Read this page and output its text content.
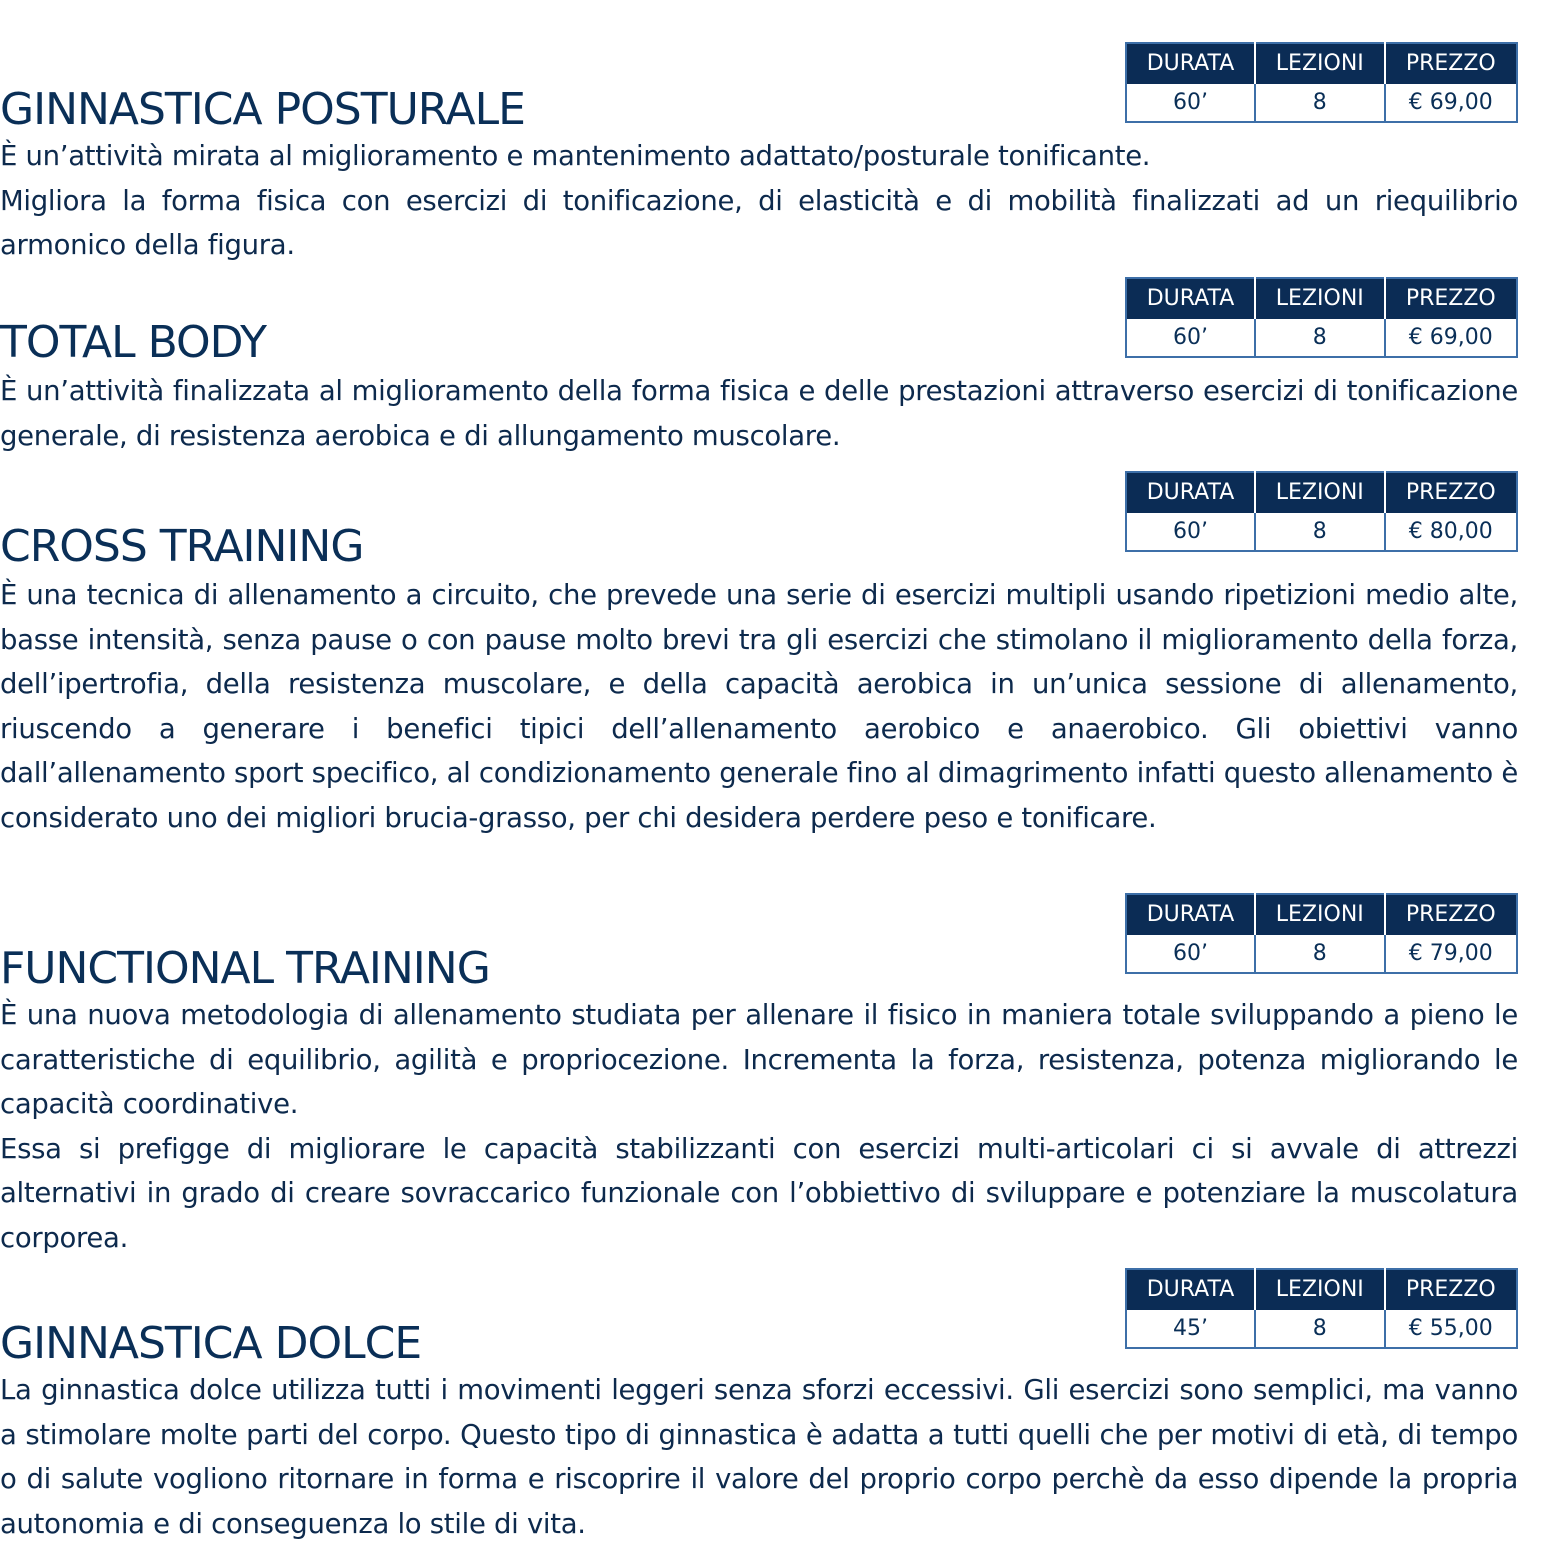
DURATA	LEZIONI	PREZZO
60’	8	€ 69,00
GINNASTICA POSTURALE

È un’attività mirata al miglioramento e mantenimento adattato/posturale tonificante.

Migliora la forma fisica con esercizi di tonificazione, di elasticità e di mobilità finalizzati ad un riequilibrio armonico della figura.

DURATA	LEZIONI	PREZZO
60’	8	€ 69,00
TOTAL BODY

È un’attività finalizzata al miglioramento della forma fisica e delle prestazioni attraverso esercizi di tonificazione generale, di resistenza aerobica e di allungamento muscolare.

DURATA	LEZIONI	PREZZO
60’	8	€ 80,00
CROSS TRAINING

È una tecnica di allenamento a circuito, che prevede una serie di esercizi multipli usando ripetizioni medio alte, basse intensità, senza pause o con pause molto brevi tra gli esercizi che stimolano il miglioramento della forza, dell’ipertrofia, della resistenza muscolare, e della capacità aerobica in un’unica sessione di allenamento, riuscendo a generare i benefici tipici dell’allenamento aerobico e anaerobico. Gli obiettivi vanno dall’allenamento sport specifico, al condizionamento generale fino al dimagrimento infatti questo allenamento è considerato uno dei migliori brucia-grasso, per chi desidera perdere peso e tonificare.

DURATA	LEZIONI	PREZZO
60’	8	€ 79,00
FUNCTIONAL TRAINING

È una nuova metodologia di allenamento studiata per allenare il fisico in maniera totale sviluppando a pieno le caratteristiche di equilibrio, agilità e propriocezione. Incrementa la forza, resistenza, potenza migliorando le capacità coordinative.

Essa si prefigge di migliorare le capacità stabilizzanti con esercizi multi-articolari ci si avvale di attrezzi alternativi in grado di creare sovraccarico funzionale con l’obbiettivo di sviluppare e potenziare la muscolatura corporea.

DURATA	LEZIONI	PREZZO
45’	8	€ 55,00
GINNASTICA DOLCE

La ginnastica dolce utilizza tutti i movimenti leggeri senza sforzi eccessivi. Gli esercizi sono semplici, ma vanno a stimolare molte parti del corpo. Questo tipo di ginnastica è adatta a tutti quelli che per motivi di età, di tempo o di salute vogliono ritornare in forma e riscoprire il valore del proprio corpo perchè da esso dipende la propria autonomia e di conseguenza lo stile di vita.
